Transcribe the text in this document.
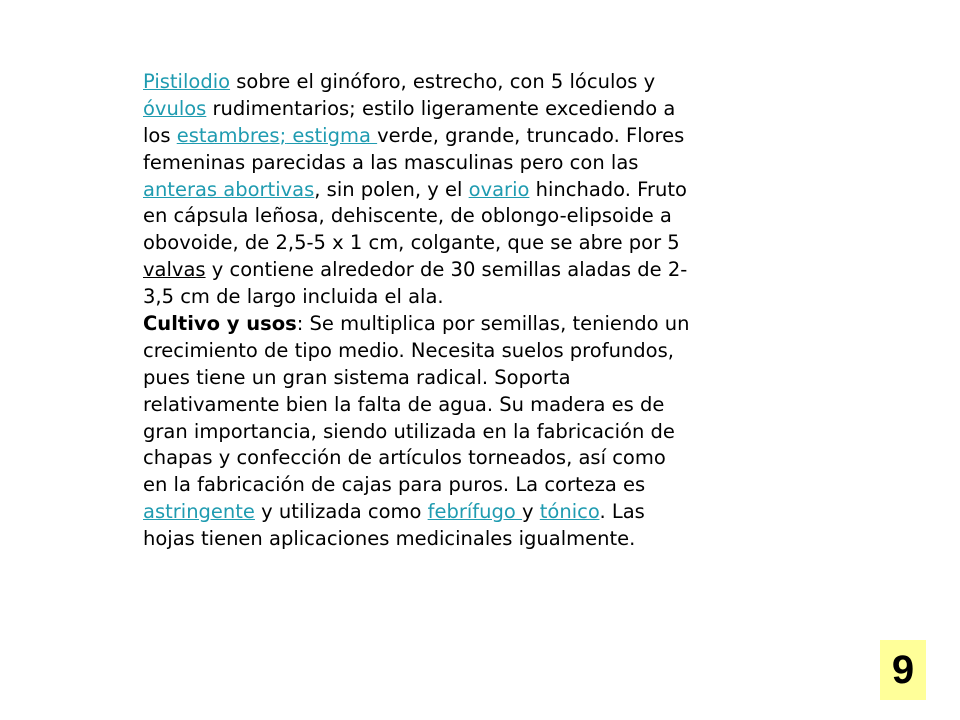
Pistilodio sobre el ginóforo, estrecho, con 5 lóculos y
óvulos rudimentarios; estilo ligeramente excediendo a
los estambres; estigma verde, grande, truncado. Flores
femeninas parecidas a las masculinas pero con las
anteras abortivas, sin polen, y el ovario hinchado. Fruto
en cápsula leñosa, dehiscente, de oblongo-elipsoide a
obovoide, de 2,5-5 x 1 cm, colgante, que se abre por 5
valvas y contiene alrededor de 30 semillas aladas de 2-
3,5 cm de largo incluida el ala.
Cultivo y usos: Se multiplica por semillas, teniendo un
crecimiento de tipo medio. Necesita suelos profundos,
pues tiene un gran sistema radical. Soporta
relativamente bien la falta de agua. Su madera es de
gran importancia, siendo utilizada en la fabricación de
chapas y confección de artículos torneados, así como
en la fabricación de cajas para puros. La corteza es
astringente y utilizada como febrífugo y tónico. Las
hojas tienen aplicaciones medicinales igualmente.
9
